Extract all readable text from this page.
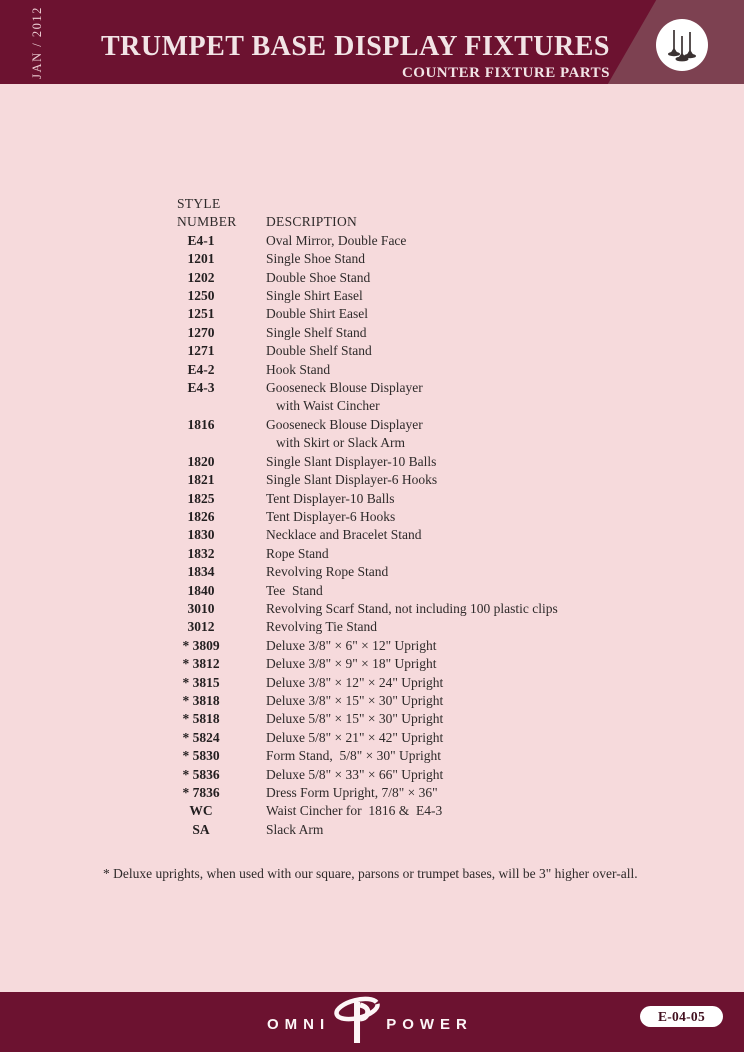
JAN / 2012 TRUMPET BASE DISPLAY FIXTURES
COUNTER FIXTURE PARTS
STYLE
NUMBER	DESCRIPTION
E4-1	Oval Mirror, Double Face
1201	Single Shoe Stand
1202	Double Shoe Stand
1250	Single Shirt Easel
1251	Double Shirt Easel
1270	Single Shelf Stand
1271	Double Shelf Stand
E4-2	Hook Stand
E4-3	Gooseneck Blouse Displayer
with Waist Cincher
1816	Gooseneck Blouse Displayer
with Skirt or Slack Arm
1820	Single Slant Displayer-10 Balls
1821	Single Slant Displayer-6 Hooks
1825	Tent Displayer-10 Balls
1826	Tent Displayer-6 Hooks
1830	Necklace and Bracelet Stand
1832	Rope Stand
1834	Revolving Rope Stand
1840	Tee  Stand
3010	Revolving Scarf Stand, not including 100 plastic clips
3012	Revolving Tie Stand
* 3809	Deluxe 3/8" × 6" × 12" Upright
* 3812	Deluxe 3/8" × 9" × 18" Upright
* 3815	Deluxe 3/8" × 12" × 24" Upright
* 3818	Deluxe 3/8" × 15" × 30" Upright
* 5818	Deluxe 5/8" × 15" × 30" Upright
* 5824	Deluxe 5/8" × 21" × 42" Upright
* 5830	Form Stand,  5/8" × 30" Upright
* 5836	Deluxe 5/8" × 33" × 66" Upright
* 7836	Dress Form Upright, 7/8" × 36"
WC	Waist Cincher for  1816 &  E4-3
SA	Slack Arm
* Deluxe uprights, when used with our square, parsons or trumpet bases, will be 3" higher over-all.
OMNI	POWER	E-04-05
